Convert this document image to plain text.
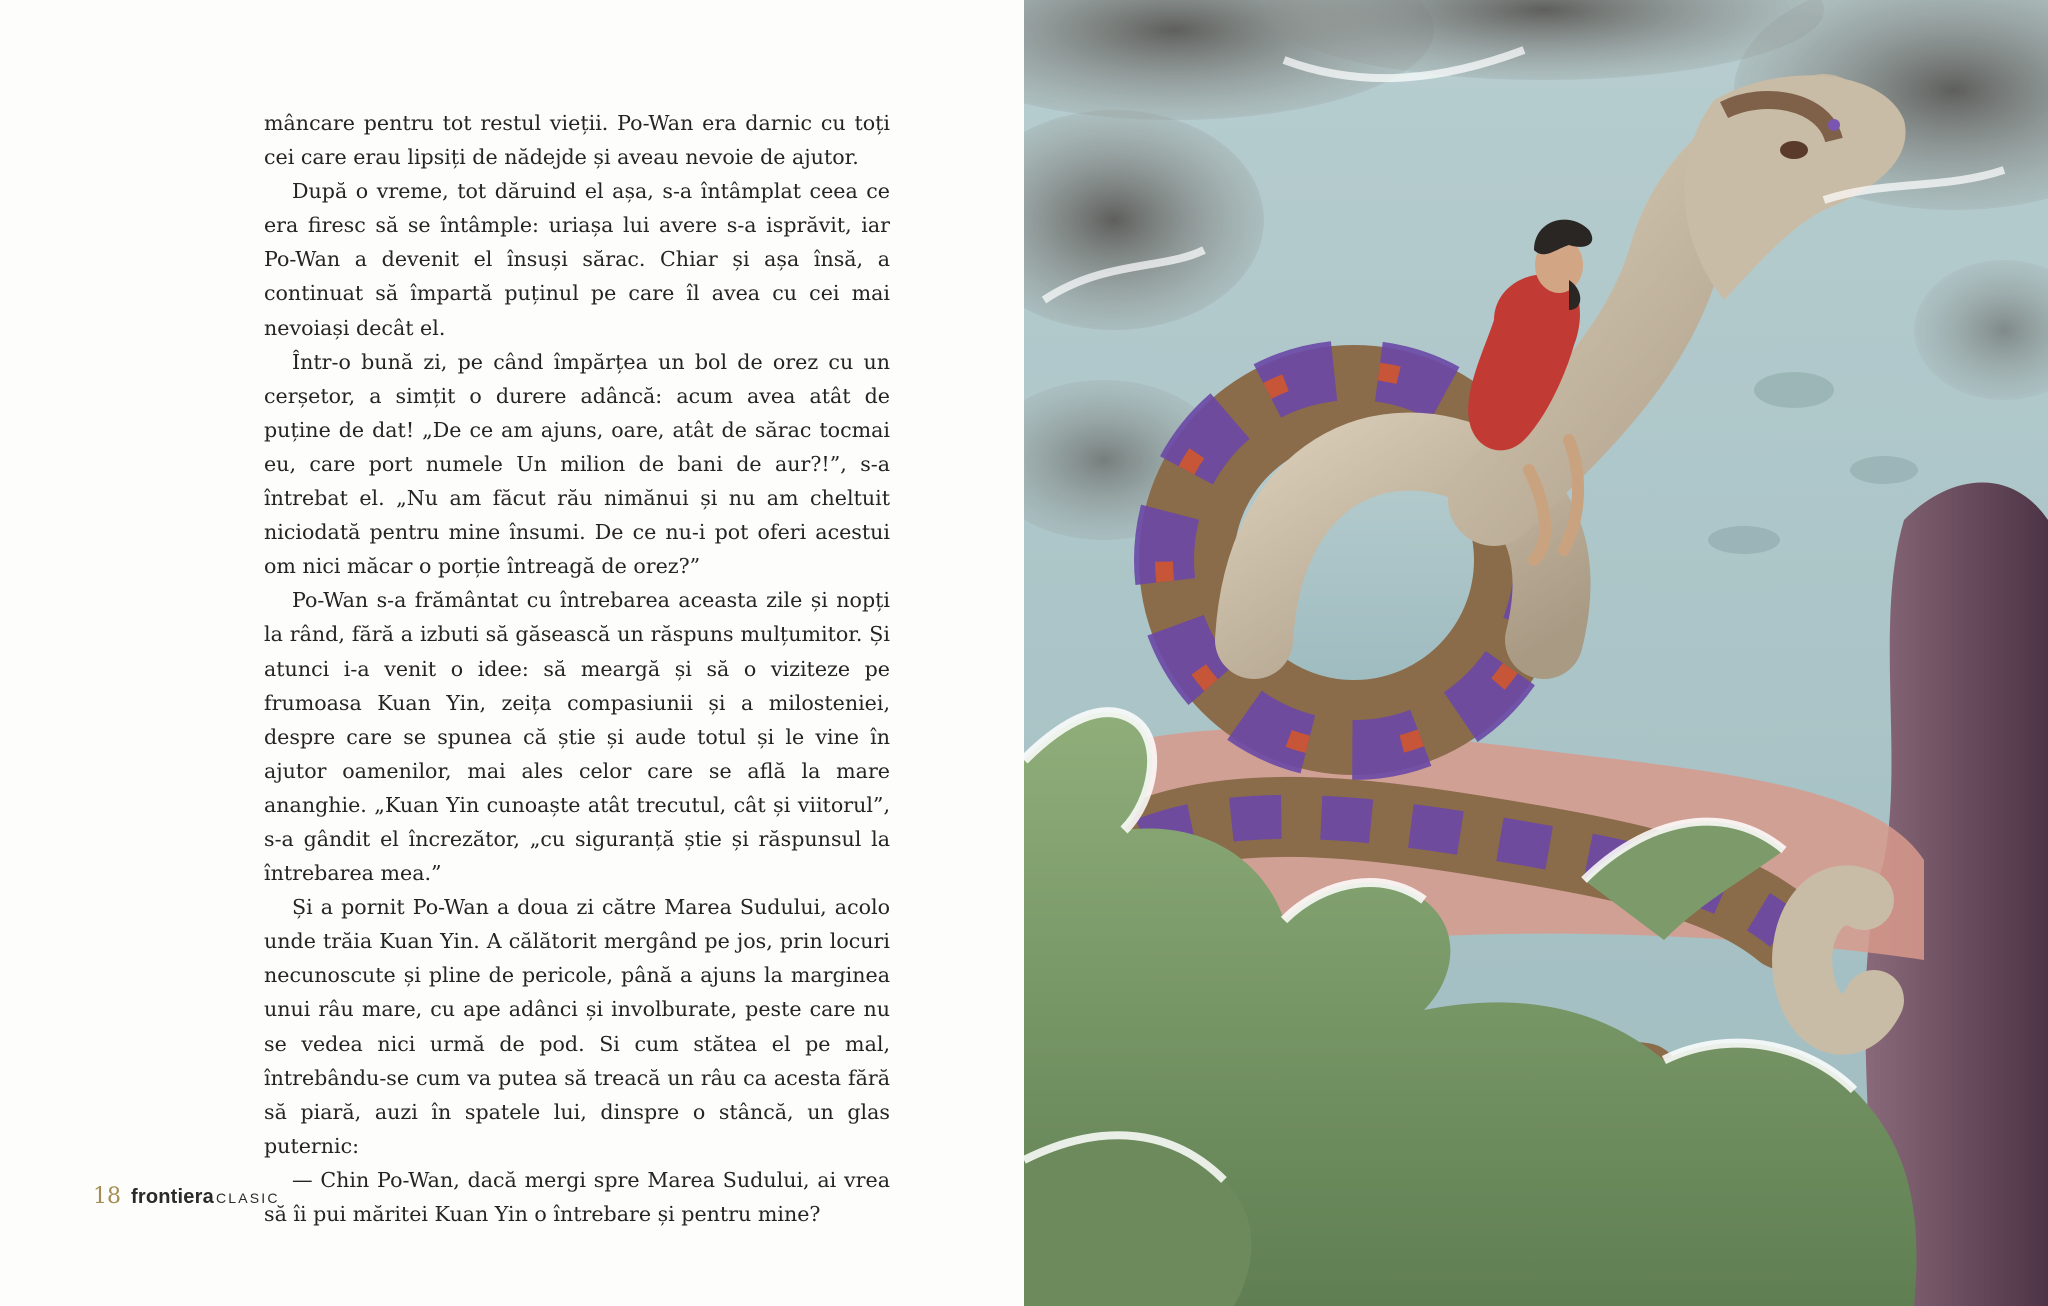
mâncare pentru tot restul vieții. Po-Wan era darnic cu toți cei care erau lipsiți de nădejde și aveau nevoie de ajutor.

După o vreme, tot dăruind el așa, s-a întâmplat ceea ce era firesc să se întâmple: uriașa lui avere s-a isprăvit, iar Po-Wan a devenit el însuși sărac. Chiar și așa însă, a continuat să împartă puținul pe care îl avea cu cei mai nevoiași decât el.

Într-o bună zi, pe când împărțea un bol de orez cu un cerșetor, a simțit o durere adâncă: acum avea atât de puține de dat! „De ce am ajuns, oare, atât de sărac tocmai eu, care port numele Un milion de bani de aur?!”, s-a întrebat el. „Nu am făcut rău nimănui și nu am cheltuit niciodată pentru mine însumi. De ce nu-i pot oferi acestui om nici măcar o porție întreagă de orez?”

Po-Wan s-a frământat cu întrebarea aceasta zile și nopți la rând, fără a izbuti să găsească un răspuns mulțumitor. Și atunci i-a venit o idee: să meargă și să o viziteze pe frumoasa Kuan Yin, zeița compasiunii și a milosteniei, despre care se spunea că știe și aude totul și le vine în ajutor oamenilor, mai ales celor care se află la mare ananghie. „Kuan Yin cunoaște atât trecutul, cât și viitorul”, s-a gândit el încrezător, „cu siguranță știe și răspunsul la întrebarea mea.”

Și a pornit Po-Wan a doua zi către Marea Sudului, acolo unde trăia Kuan Yin. A călătorit mergând pe jos, prin locuri necunoscute și pline de pericole, până a ajuns la marginea unui râu mare, cu ape adânci și involburate, peste care nu se vedea nici urmă de pod. Si cum stătea el pe mal, întrebându-se cum va putea să treacă un râu ca acesta fără să piară, auzi în spatele lui, dinspre o stâncă, un glas puternic:

— Chin Po-Wan, dacă mergi spre Marea Sudului, ai vrea să îi pui măritei Kuan Yin o întrebare și pentru mine?

18 frontiera CLASIC
